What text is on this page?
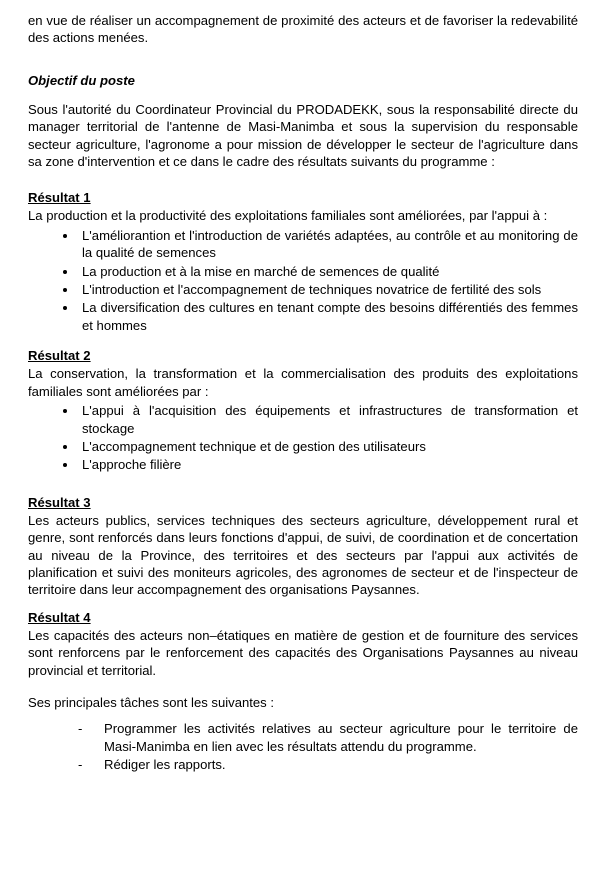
en vue de réaliser un accompagnement de proximité des acteurs et de favoriser la redevabilité des actions menées.

Objectif du poste

Sous l'autorité du Coordinateur Provincial du PRODADEKK, sous la responsabilité directe du manager territorial de l'antenne de Masi-Manimba et sous la supervision du responsable secteur agriculture, l'agronome a pour mission de développer le secteur de l'agriculture dans sa zone d'intervention et ce dans le cadre des résultats suivants du programme :

Résultat 1

La production et la productivité des exploitations familiales sont améliorées, par l'appui à :

• L'améliorantion et l'introduction de variétés adaptées, au contrôle et au monitoring de la qualité de semences
• La production et à la mise en marché de semences de qualité
• L'introduction et l'accompagnement de techniques novatrice de fertilité des sols
• La diversification des cultures en tenant compte des besoins différentiés des femmes et hommes
Résultat 2

La conservation, la transformation et la commercialisation des produits des exploitations familiales sont améliorées par :

• L'appui à l'acquisition des équipements et infrastructures de transformation et stockage
• L'accompagnement technique et de gestion des utilisateurs
• L'approche filière
Résultat 3

Les acteurs publics, services techniques des secteurs agriculture, développement rural et genre, sont renforcés dans leurs fonctions d'appui, de suivi, de coordination et de concertation au niveau de la Province, des territoires et des secteurs par l'appui aux activités de planification et suivi des moniteurs agricoles, des agronomes de secteur et de l'inspecteur de territoire dans leur accompagnement des organisations Paysannes.

Résultat 4

Les capacités des acteurs non–étatiques en matière de gestion et de fourniture des services sont renforcens par le renforcement des capacités des Organisations Paysannes au niveau provincial et territorial.

Ses principales tâches sont les suivantes :

- Programmer les activités relatives au secteur agriculture pour le territoire de Masi-Manimba en lien avec les résultats attendu du programme.
- Rédiger les rapports.
